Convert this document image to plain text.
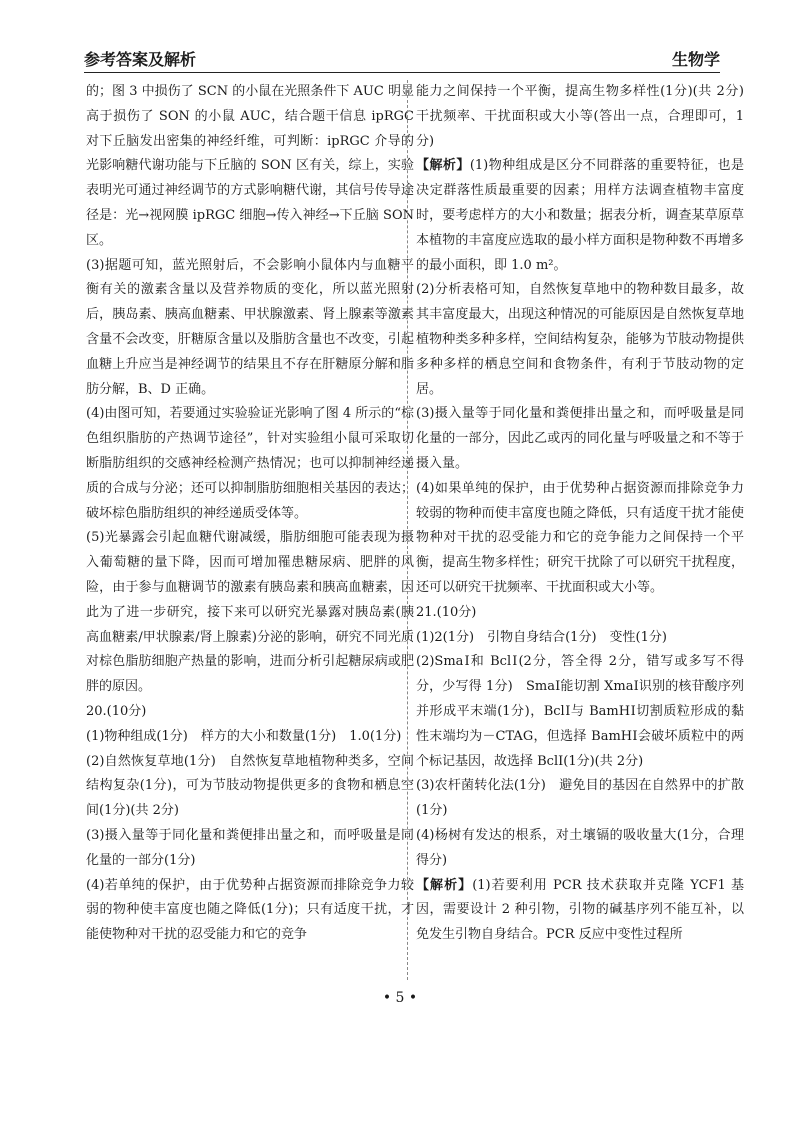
参考答案及解析	生物学

的；图 3 中损伤了 SCN 的小鼠在光照条件下 AUC 明显高于损伤了 SON 的小鼠 AUC，结合题干信息 ipRGC 对下丘脑发出密集的神经纤维，可判断：ipRGC 介导的光影响糖代谢功能与下丘脑的 SON 区有关，综上，实验表明光可通过神经调节的方式影响糖代谢，其信号传导途径是：光→视网膜 ipRGC 细胞→传入神经→下丘脑 SON 区。

(3)据题可知，蓝光照射后，不会影响小鼠体内与血糖平衡有关的激素含量以及营养物质的变化，所以蓝光照射后，胰岛素、胰高血糖素、甲状腺激素、肾上腺素等激素含量不会改变，肝糖原含量以及脂肪含量也不改变，引起血糖上升应当是神经调节的结果且不存在肝糖原分解和脂肪分解，B、D 正确。

(4)由图可知，若要通过实验验证光影响了图 4 所示的“棕色组织脂肪的产热调节途径”，针对实验组小鼠可采取切断脂肪组织的交感神经检测产热情况；也可以抑制神经递质的合成与分泌；还可以抑制脂肪细胞相关基因的表达；破坏棕色脂肪组织的神经递质受体等。

(5)光暴露会引起血糖代谢减缓，脂肪细胞可能表现为摄入葡萄糖的量下降，因而可增加罹患糖尿病、肥胖的风险，由于参与血糖调节的激素有胰岛素和胰高血糖素，因此为了进一步研究，接下来可以研究光暴露对胰岛素(胰高血糖素/甲状腺素/肾上腺素)分泌的影响，研究不同光质对棕色脂肪细胞产热量的影响，进而分析引起糖尿病或肥胖的原因。

20.(10分)

(1)物种组成(1分)　样方的大小和数量(1分)　1.0(1分)

(2)自然恢复草地(1分)　自然恢复草地植物种类多，空间结构复杂(1分)，可为节肢动物提供更多的食物和栖息空间(1分)(共 2分)

(3)摄入量等于同化量和粪便排出量之和，而呼吸量是同化量的一部分(1分)

(4)若单纯的保护，由于优势种占据资源而排除竞争力较弱的物种使丰富度也随之降低(1分)；只有适度干扰，才能使物种对干扰的忍受能力和它的竞争

能力之间保持一个平衡，提高生物多样性(1分)(共 2分)　干扰频率、干扰面积或大小等(答出一点，合理即可，1分)

【解析】(1)物种组成是区分不同群落的重要特征，也是决定群落性质最重要的因素；用样方法调查植物丰富度时，要考虑样方的大小和数量；据表分析，调查某草原草本植物的丰富度应选取的最小样方面积是物种数不再增多的最小面积，即 1.0 m²。

(2)分析表格可知，自然恢复草地中的物种数目最多，故其丰富度最大，出现这种情况的可能原因是自然恢复草地植物种类多种多样，空间结构复杂，能够为节肢动物提供多种多样的栖息空间和食物条件，有利于节肢动物的定居。

(3)摄入量等于同化量和粪便排出量之和，而呼吸量是同化量的一部分，因此乙或丙的同化量与呼吸量之和不等于摄入量。

(4)如果单纯的保护，由于优势种占据资源而排除竞争力较弱的物种而使丰富度也随之降低，只有适度干扰才能使物种对干扰的忍受能力和它的竞争能力之间保持一个平衡，提高生物多样性；研究干扰除了可以研究干扰程度，还可以研究干扰频率、干扰面积或大小等。

21.(10分)

(1)2(1分)　引物自身结合(1分)　变性(1分)

(2)SmaⅠ和 BclⅠ(2分，答全得 2分，错写或多写不得分，少写得 1分)　SmaⅠ能切割 XmaⅠ识别的核苷酸序列并形成平末端(1分)，BclⅠ与 BamHⅠ切割质粒形成的黏性末端均为－CTAG，但选择 BamHⅠ会破坏质粒中的两个标记基因，故选择 BclⅠ(1分)(共 2分)

(3)农杆菌转化法(1分)　避免目的基因在自然界中的扩散(1分)

(4)杨树有发达的根系，对土壤镉的吸收量大(1分，合理得分)

【解析】(1)若要利用 PCR 技术获取并克隆 YCF1 基因，需要设计 2 种引物，引物的碱基序列不能互补，以免发生引物自身结合。PCR 反应中变性过程所

• 5 •
